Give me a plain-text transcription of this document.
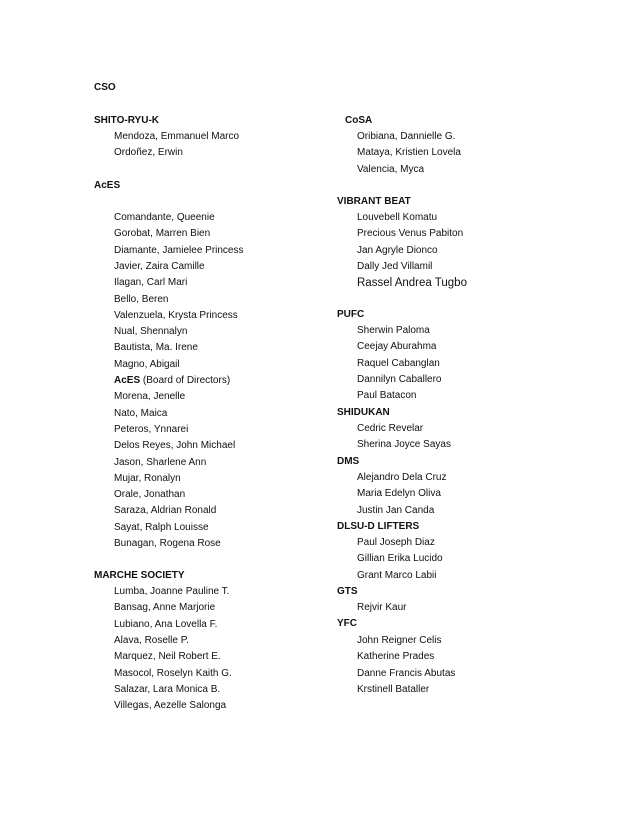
CSO
SHITO-RYU-K
Mendoza, Emmanuel Marco
Ordoñez, Erwin
AcES
Comandante, Queenie
Gorobat, Marren Bien
Diamante, Jamielee Princess
Javier, Zaira Camille
Ilagan, Carl Mari
Bello, Beren
Valenzuela, Krysta Princess
Nual, Shennalyn
Bautista, Ma. Irene
Magno, Abigail
AcES (Board of Directors)
Morena, Jenelle
Nato, Maica
Peteros, Ynnarei
Delos Reyes, John Michael
Jason, Sharlene Ann
Mujar, Ronalyn
Orale, Jonathan
Saraza, Aldrian Ronald
Sayat, Ralph Louisse
Bunagan, Rogena Rose
MARCHE SOCIETY
Lumba, Joanne Pauline T.
Bansag, Anne Marjorie
Lubiano, Ana Lovella F.
Alava, Roselle P.
Marquez, Neil Robert E.
Masocol, Roselyn Kaith G.
Salazar, Lara Monica B.
Villegas, Aezelle Salonga
CoSA
Oribiana, Dannielle G.
Mataya, Kristien Lovela
Valencia, Myca
VIBRANT BEAT
Louvebell Komatu
Precious Venus Pabiton
Jan Agryle Dionco
Dally Jed Villamil
Rassel Andrea Tugbo
PUFC
Sherwin Paloma
Ceejay Aburahma
Raquel Cabanglan
Dannilyn Caballero
Paul Batacon
SHIDUKAN
Cedric Revelar
Sherina Joyce Sayas
DMS
Alejandro Dela Cruz
Maria Edelyn Oliva
Justin Jan Canda
DLSU-D LIFTERS
Paul Joseph Diaz
Gillian Erika Lucido
Grant Marco Labii
GTS
Rejvir Kaur
YFC
John Reigner Celis
Katherine Prades
Danne Francis Abutas
Krstinell Bataller
